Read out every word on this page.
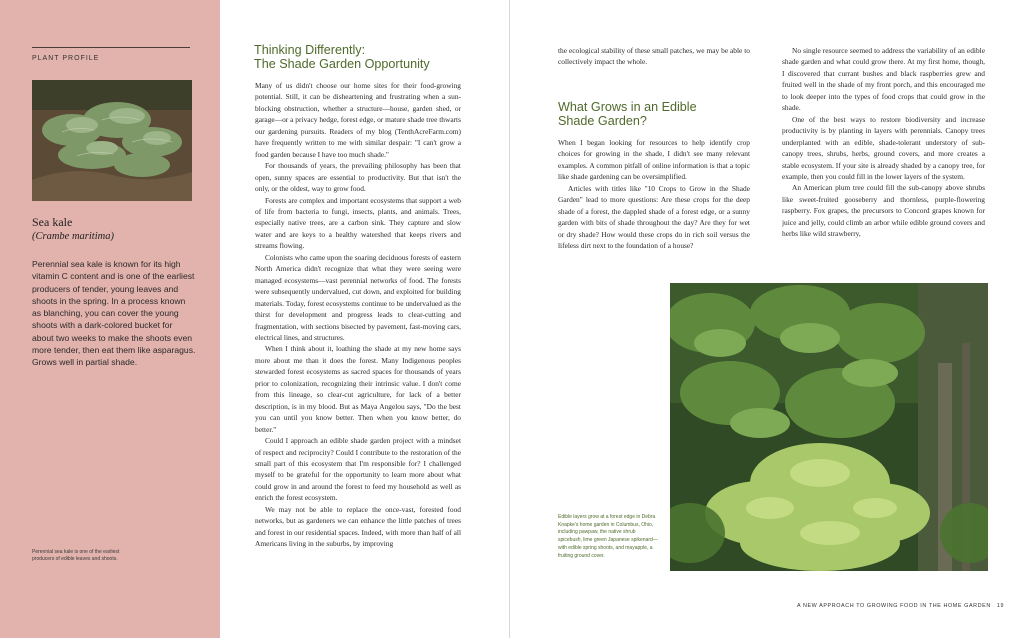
PLANT PROFILE
Sea kale
(Crambe maritima)
Perennial sea kale is known for its high vitamin C content and is one of the earliest producers of tender, young leaves and shoots in the spring. In a process known as blanching, you can cover the young shoots with a dark-colored bucket for about two weeks to make the shoots even more tender, then eat them like asparagus. Grows well in partial shade.
Perennial sea kale is one of the earliest producers of edible leaves and shoots.
Thinking Differently:
The Shade Garden Opportunity

Many of us didn't choose our home sites for their food-growing potential. Still, it can be disheartening and frustrating when a sun-blocking obstruction, whether a structure—house, garden shed, or garage—or a privacy hedge, forest edge, or mature shade tree thwarts our gardening pursuits. Readers of my blog (TenthAcreFarm.com) have frequently written to me with similar despair: "I can't grow a food garden because I have too much shade."

For thousands of years, the prevailing philosophy has been that open, sunny spaces are essential to productivity. But that isn't the only, or the oldest, way to grow food.

Forests are complex and important ecosystems that support a web of life from bacteria to fungi, insects, plants, and animals. Trees, especially native trees, are a carbon sink. They capture and slow water and are keys to a healthy watershed that keeps rivers and streams flowing.

Colonists who came upon the soaring deciduous forests of eastern North America didn't recognize that what they were seeing were managed ecosystems—vast perennial networks of food. The forests were subsequently undervalued, cut down, and exploited for building materials. Today, forest ecosystems continue to be undervalued as the thirst for development and progress leads to clear-cutting and fragmentation, with sections bisected by pavement, fast-moving cars, electrical lines, and structures.

When I think about it, loathing the shade at my new home says more about me than it does the forest. Many Indigenous peoples stewarded forest ecosystems as sacred spaces for thousands of years prior to colonization, recognizing their intrinsic value. I don't come from this lineage, so clear-cut agriculture, for lack of a better description, is in my blood. But as Maya Angelou says, "Do the best you can until you know better. Then when you know better, do better."

Could I approach an edible shade garden project with a mindset of respect and reciprocity? Could I contribute to the restoration of the small part of this ecosystem that I'm responsible for? I challenged myself to be grateful for the opportunity to learn more about what could grow in and around the forest to feed my household as well as enrich the forest ecosystem.

We may not be able to replace the once-vast, forested food networks, but as gardeners we can enhance the little patches of trees and forest in our residential spaces. Indeed, with more than half of all Americans living in the suburbs, by improving

the ecological stability of these small patches, we may be able to collectively impact the whole.

What Grows in an Edible
Shade Garden?

When I began looking for resources to help identify crop choices for growing in the shade, I didn't see many relevant examples. A common pitfall of online information is that a topic like shade gardening can be oversimplified.

Articles with titles like "10 Crops to Grow in the Shade Garden" lead to more questions: Are these crops for the deep shade of a forest, the dappled shade of a forest edge, or a sunny garden with bits of shade throughout the day? Are they for wet or dry shade? How would these crops do in rich soil versus the lifeless dirt next to the foundation of a house?

No single resource seemed to address the variability of an edible shade garden and what could grow there. At my first home, though, I discovered that currant bushes and black raspberries grew and fruited well in the shade of my front porch, and this encouraged me to look deeper into the types of food crops that could grow in the shade.

One of the best ways to restore biodiversity and increase productivity is by planting in layers with perennials. Canopy trees underplanted with an edible, shade-tolerant understory of sub-canopy trees, shrubs, herbs, ground covers, and more creates a stable ecosystem. If your site is already shaded by a canopy tree, for example, then you could fill in the lower layers of the system.

An American plum tree could fill the sub-canopy above shrubs like sweet-fruited gooseberry and thornless, purple-flowering raspberry. Fox grapes, the precursors to Concord grapes known for juice and jelly, could climb an arbor while edible ground covers and herbs like wild strawberry,

Edible layers grow at a forest edge in Debra Knapke's home garden in Columbus, Ohio, including pawpaw, the native shrub spicebush, lime green Japanese spikenard—with edible spring shoots, and mayapple, a fruiting ground cover.
A NEW APPROACH TO GROWING FOOD IN THE HOME GARDEN 19
